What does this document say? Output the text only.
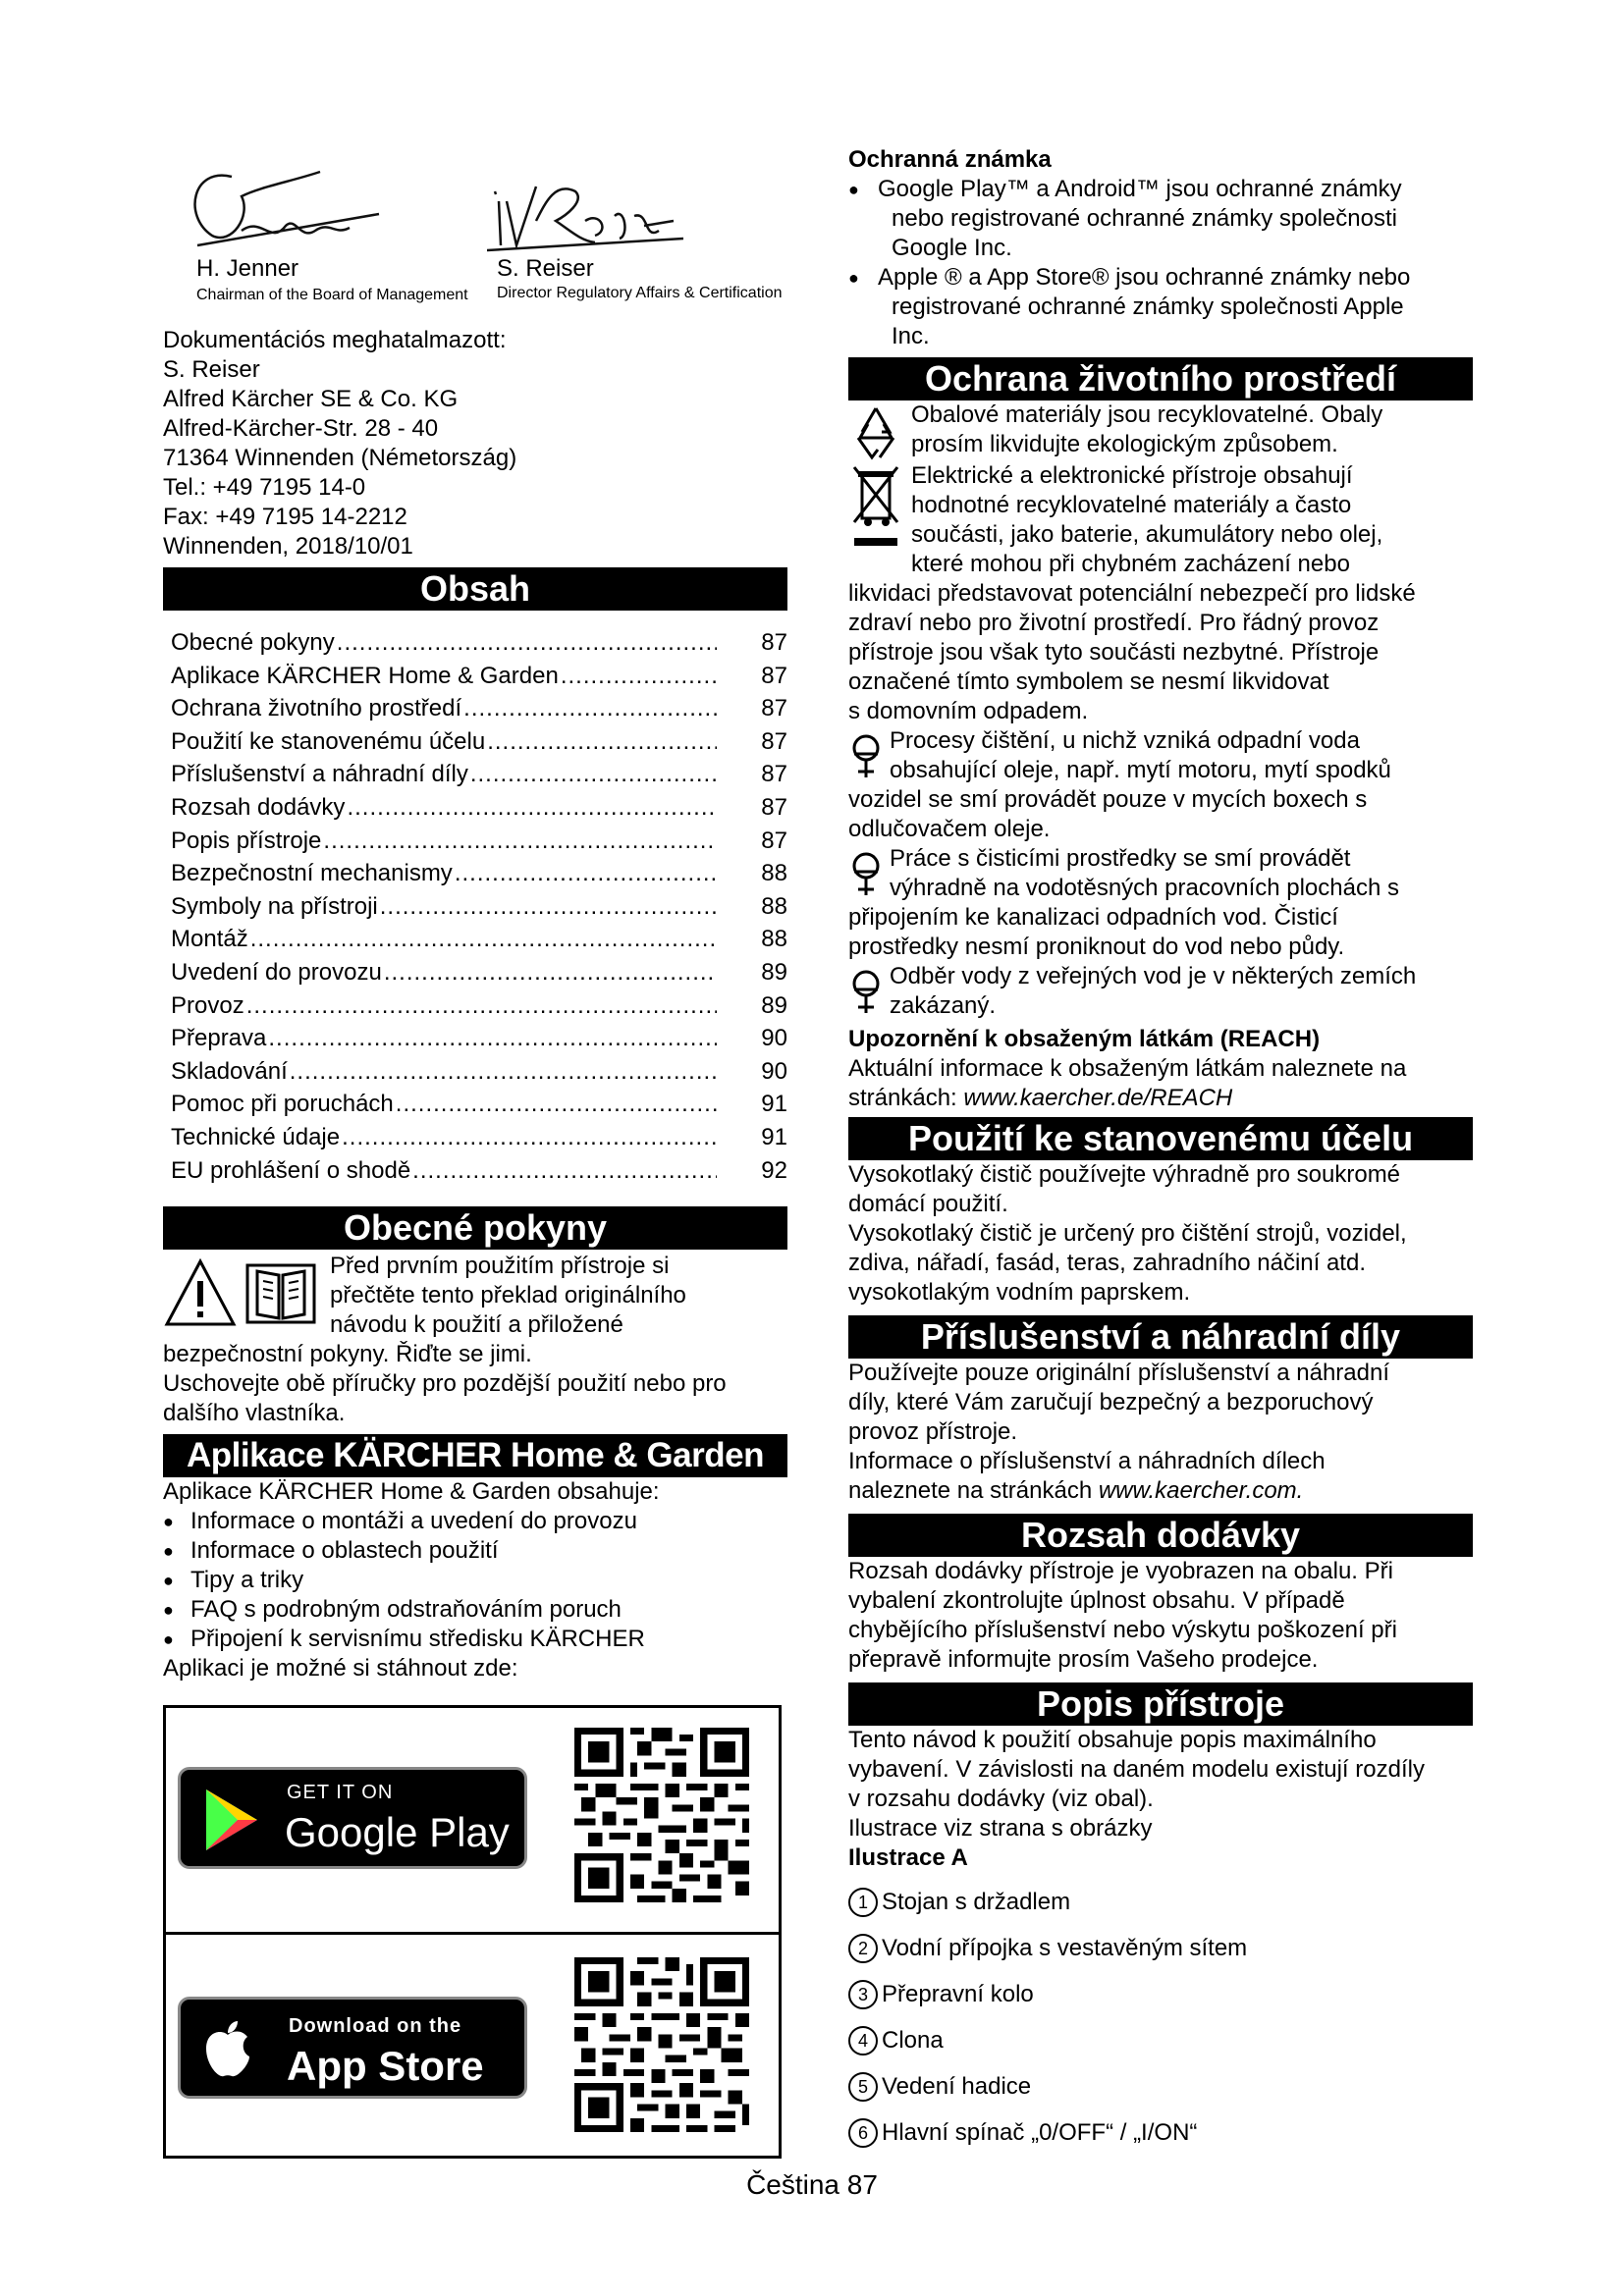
H. Jenner
Chairman of the Board of Management
S. Reiser
Director Regulatory Affairs & Certification

Dokumentációs meghatalmazott:

S. Reiser

Alfred Kärcher SE & Co. KG

Alfred-Kärcher-Str. 28 - 40

71364 Winnenden (Németország)

Tel.: +49 7195 14-0

Fax: +49 7195 14-2212

Winnenden, 2018/10/01

Obsah
Obecné pokyny .....	87
Aplikace KÄRCHER Home & Garden .....	87
Ochrana životního prostředí .....	87
Použití ke stanovenému účelu .....	87
Příslušenství a náhradní díly .....	87
Rozsah dodávky .....	87
Popis přístroje .....	87
Bezpečnostní mechanismy .....	88
Symboly na přístroji .....	88
Montáž .....	88
Uvedení do provozu .....	89
Provoz .....	89
Přeprava .....	90
Skladování .....	90
Pomoc při poruchách .....	91
Technické údaje .....	91
EU prohlášení o shodě .....	92
Obecné pokyny

Před prvním použitím přístroje si

přečtěte tento překlad originálního

návodu k použití a přiložené

bezpečnostní pokyny. Řiďte se jimi.

Uschovejte obě příručky pro pozdější použití nebo pro

dalšího vlastníka.

Aplikace KÄRCHER Home & Garden

Aplikace KÄRCHER Home & Garden obsahuje:

● Informace o montáži a uvedení do provozu
● Informace o oblastech použití
● Tipy a triky
● FAQ s podrobným odstraňováním poruch
● Připojení k servisnímu středisku KÄRCHER

Aplikaci je možné si stáhnout zde:

GET IT ON
Google Play
Download on the
App Store

Ochranná známka

● Google Play™ a Android™ jsou ochranné známky
nebo registrované ochranné známky společnosti
Google Inc.
● Apple ® a App Store® jsou ochranné známky nebo
registrované ochranné známky společnosti Apple
Inc.
Ochrana životního prostředí

Obalové materiály jsou recyklovatelné. Obaly

prosím likvidujte ekologickým způsobem.

Elektrické a elektronické přístroje obsahují

hodnotné recyklovatelné materiály a často

součásti, jako baterie, akumulátory nebo olej,

které mohou při chybném zacházení nebo

likvidaci představovat potenciální nebezpečí pro lidské

zdraví nebo pro životní prostředí. Pro řádný provoz

přístroje jsou však tyto součásti nezbytné. Přístroje

označené tímto symbolem se nesmí likvidovat

s domovním odpadem.

Procesy čištění, u nichž vzniká odpadní voda

obsahující oleje, např. mytí motoru, mytí spodků

vozidel se smí provádět pouze v mycích boxech s

odlučovačem oleje.

Práce s čisticími prostředky se smí provádět

výhradně na vodotěsných pracovních plochách s

připojením ke kanalizaci odpadních vod. Čisticí

prostředky nesmí proniknout do vod nebo půdy.

Odběr vody z veřejných vod je v některých zemích

zakázaný.

Upozornění k obsaženým látkám (REACH)

Aktuální informace k obsaženým látkám naleznete na

stránkách: www.kaercher.de/REACH

Použití ke stanovenému účelu

Vysokotlaký čistič používejte výhradně pro soukromé

domácí použití.

Vysokotlaký čistič je určený pro čištění strojů, vozidel,

zdiva, nářadí, fasád, teras, zahradního náčiní atd.

vysokotlakým vodním paprskem.

Příslušenství a náhradní díly

Používejte pouze originální příslušenství a náhradní

díly, které Vám zaručují bezpečný a bezporuchový

provoz přístroje.

Informace o příslušenství a náhradních dílech

naleznete na stránkách www.kaercher.com.

Rozsah dodávky

Rozsah dodávky přístroje je vyobrazen na obalu. Při

vybalení zkontrolujte úplnost obsahu. V případě

chybějícího příslušenství nebo výskytu poškození při

přepravě informujte prosím Vašeho prodejce.

Popis přístroje

Tento návod k použití obsahuje popis maximálního

vybavení. V závislosti na daném modelu existují rozdíly

v rozsahu dodávky (viz obal).

Ilustrace viz strana s obrázky

Ilustrace A

1 Stojan s držadlem

2 Vodní přípojka s vestavěným sítem

3 Přepravní kolo

4 Clona

5 Vedení hadice

6 Hlavní spínač „0/OFF“ / „I/ON“

Čeština 87
